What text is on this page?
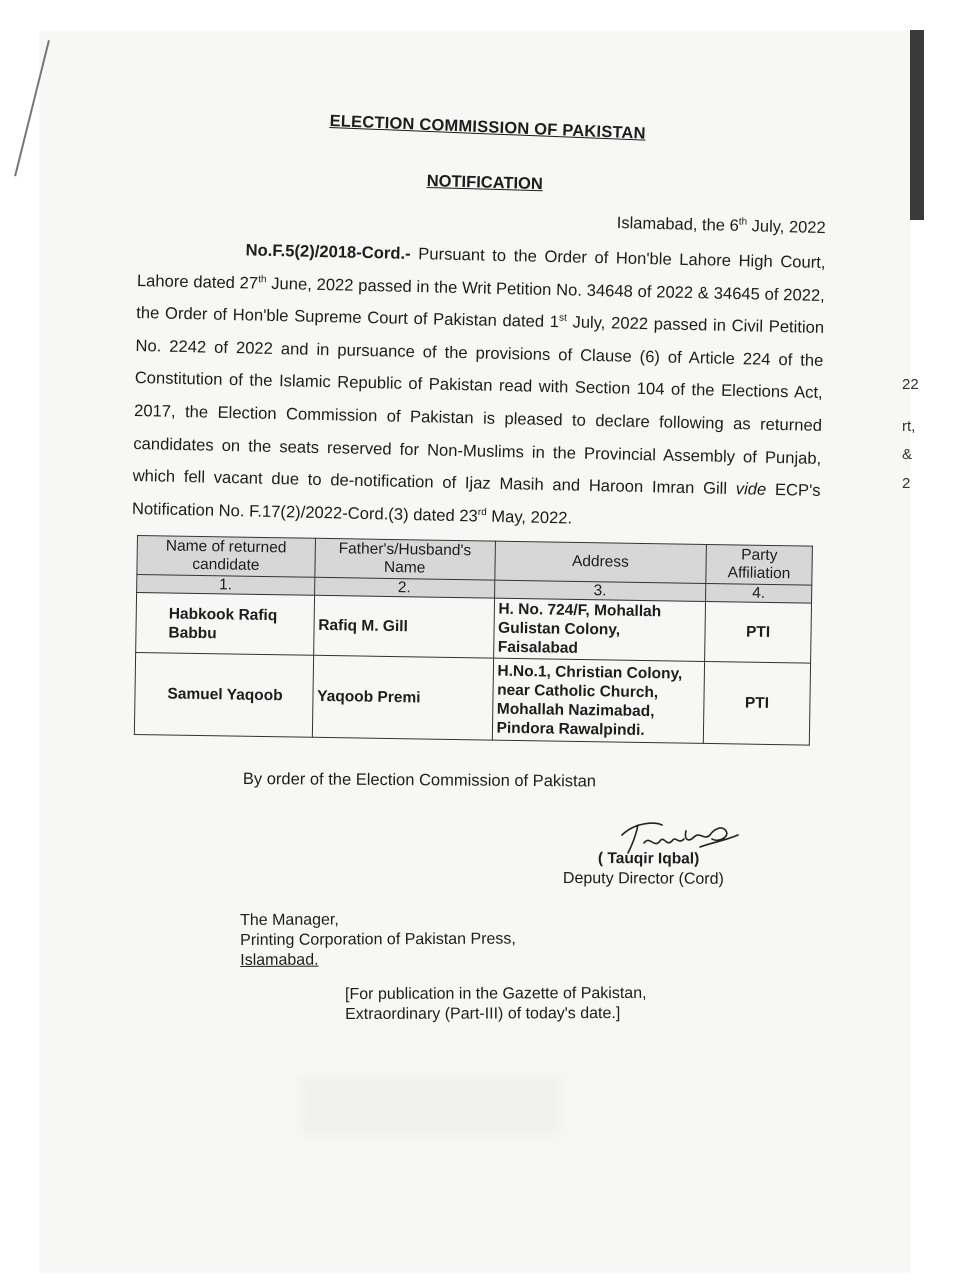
ELECTION COMMISSION OF PAKISTAN
NOTIFICATION
Islamabad, the 6th July, 2022
No.F.5(2)/2018-Cord.- Pursuant to the Order of Hon'ble Lahore High Court, Lahore dated 27th June, 2022 passed in the Writ Petition No. 34648 of 2022 & 34645 of 2022, the Order of Hon'ble Supreme Court of Pakistan dated 1st July, 2022 passed in Civil Petition No. 2242 of 2022 and in pursuance of the provisions of Clause (6) of Article 224 of the Constitution of the Islamic Republic of Pakistan read with Section 104 of the Elections Act, 2017, the Election Commission of Pakistan is pleased to declare following as returned candidates on the seats reserved for Non-Muslims in the Provincial Assembly of Punjab, which fell vacant due to de-notification of Ijaz Masih and Haroon Imran Gill vide ECP's Notification No. F.17(2)/2022-Cord.(3) dated 23rd May, 2022.
Name of returned candidate	Father's/Husband's Name	Address	Party Affiliation
1.	2.	3.	4.
Habkook Rafiq Babbu	Rafiq M. Gill	H. No. 724/F, Mohallah Gulistan Colony, Faisalabad	PTI
Samuel Yaqoob	Yaqoob Premi	H.No.1, Christian Colony, near Catholic Church, Mohallah Nazimabad, Pindora Rawalpindi.	PTI
By order of the Election Commission of Pakistan
( Tauqir Iqbal)
Deputy Director (Cord)
The Manager,
Printing Corporation of Pakistan Press,
Islamabad.
[For publication in the Gazette of Pakistan,
Extraordinary (Part-III) of today's date.]
22
rt,
&
2
